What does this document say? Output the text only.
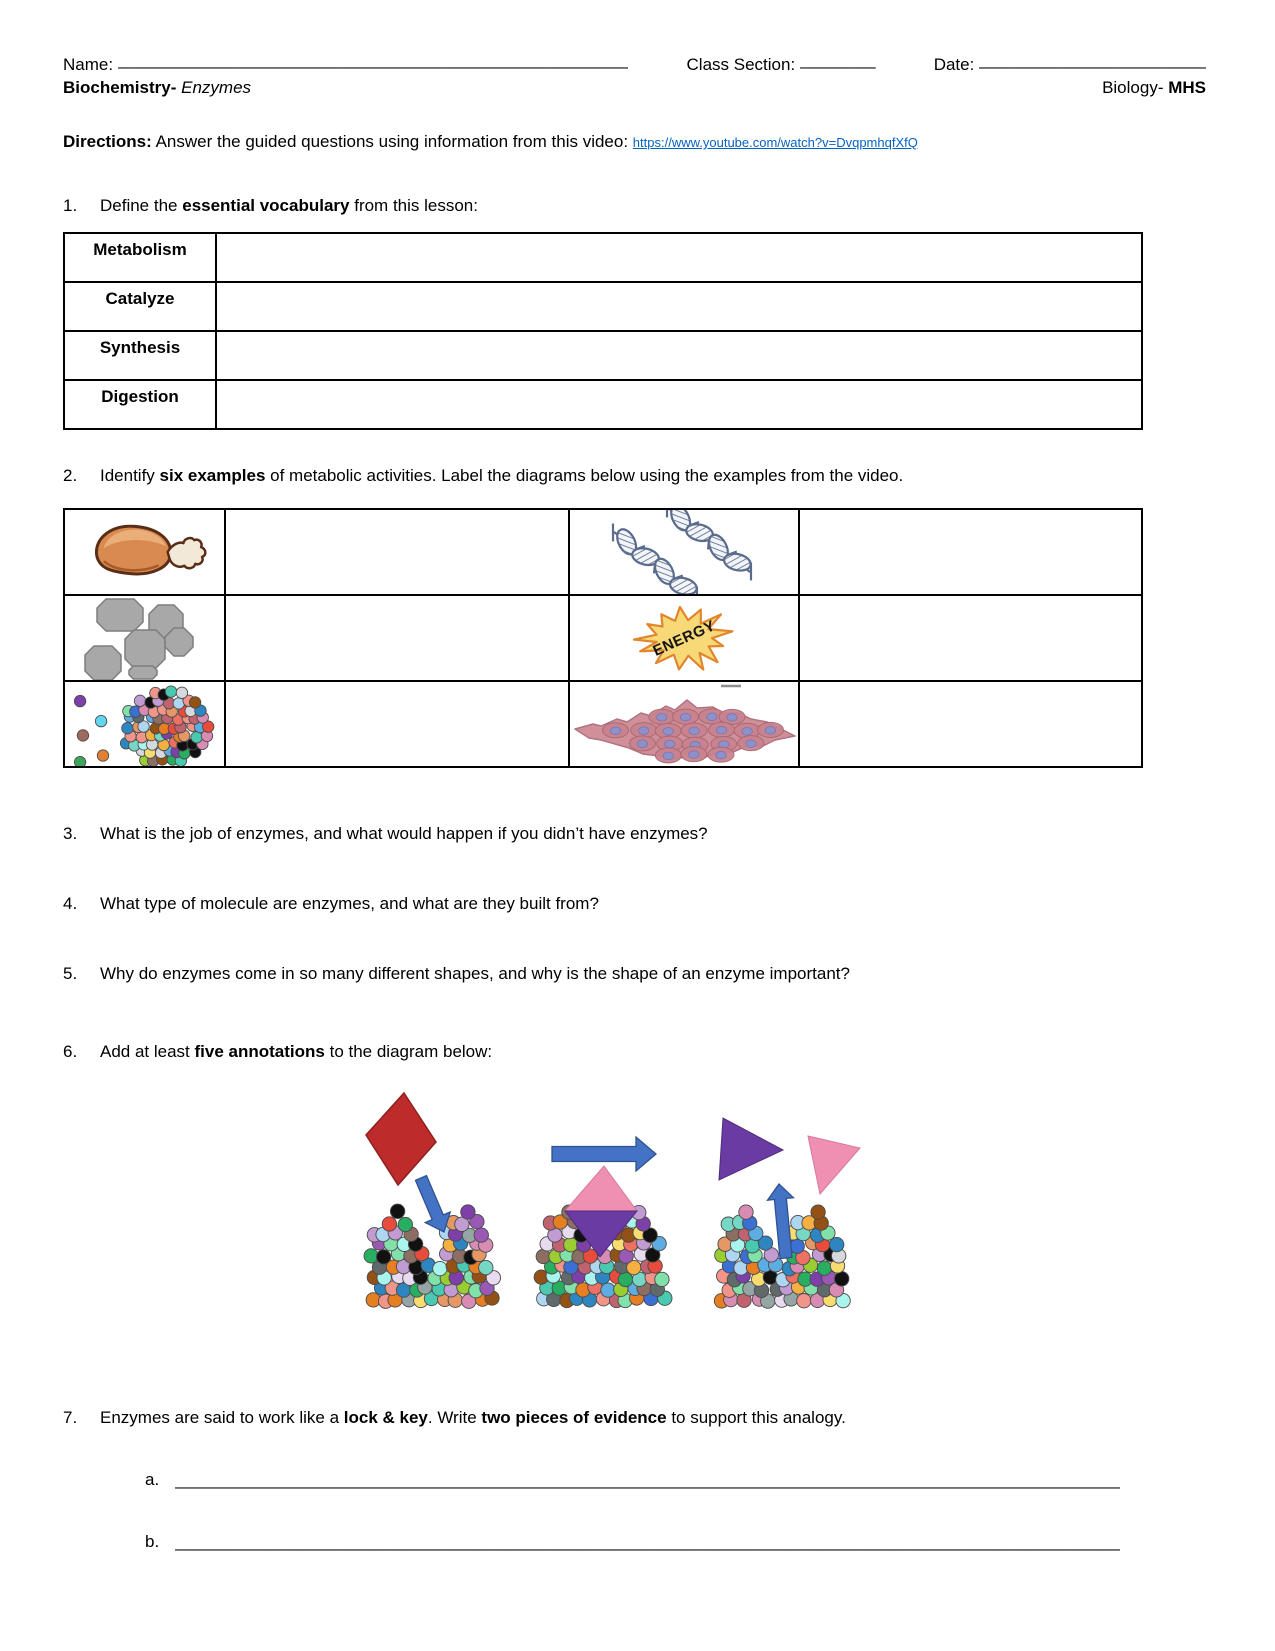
Name: ______________________________________________________	Class Section: ________	Date: ________________________
Biochemistry- Enzymes	Biology- MHS
Directions: Answer the guided questions using information from this video: https://www.youtube.com/watch?v=DvqpmhqfXfQ
1.	Define the essential vocabulary from this lesson:
Metabolism	
Catalyze	
Synthesis	
Digestion	
2.	Identify six examples of metabolic activities. Label the diagrams below using the examples from the video.

ENERGY	

3.	What is the job of enzymes, and what would happen if you didn’t have enzymes?
4.	What type of molecule are enzymes, and what are they built from?
5.	Why do enzymes come in so many different shapes, and why is the shape of an enzyme important?
6.	Add at least five annotations to the diagram below:
7.	Enzymes are said to work like a lock & key. Write two pieces of evidence to support this analogy.
a. ____________________________________________________________________________________________________
b. ____________________________________________________________________________________________________
